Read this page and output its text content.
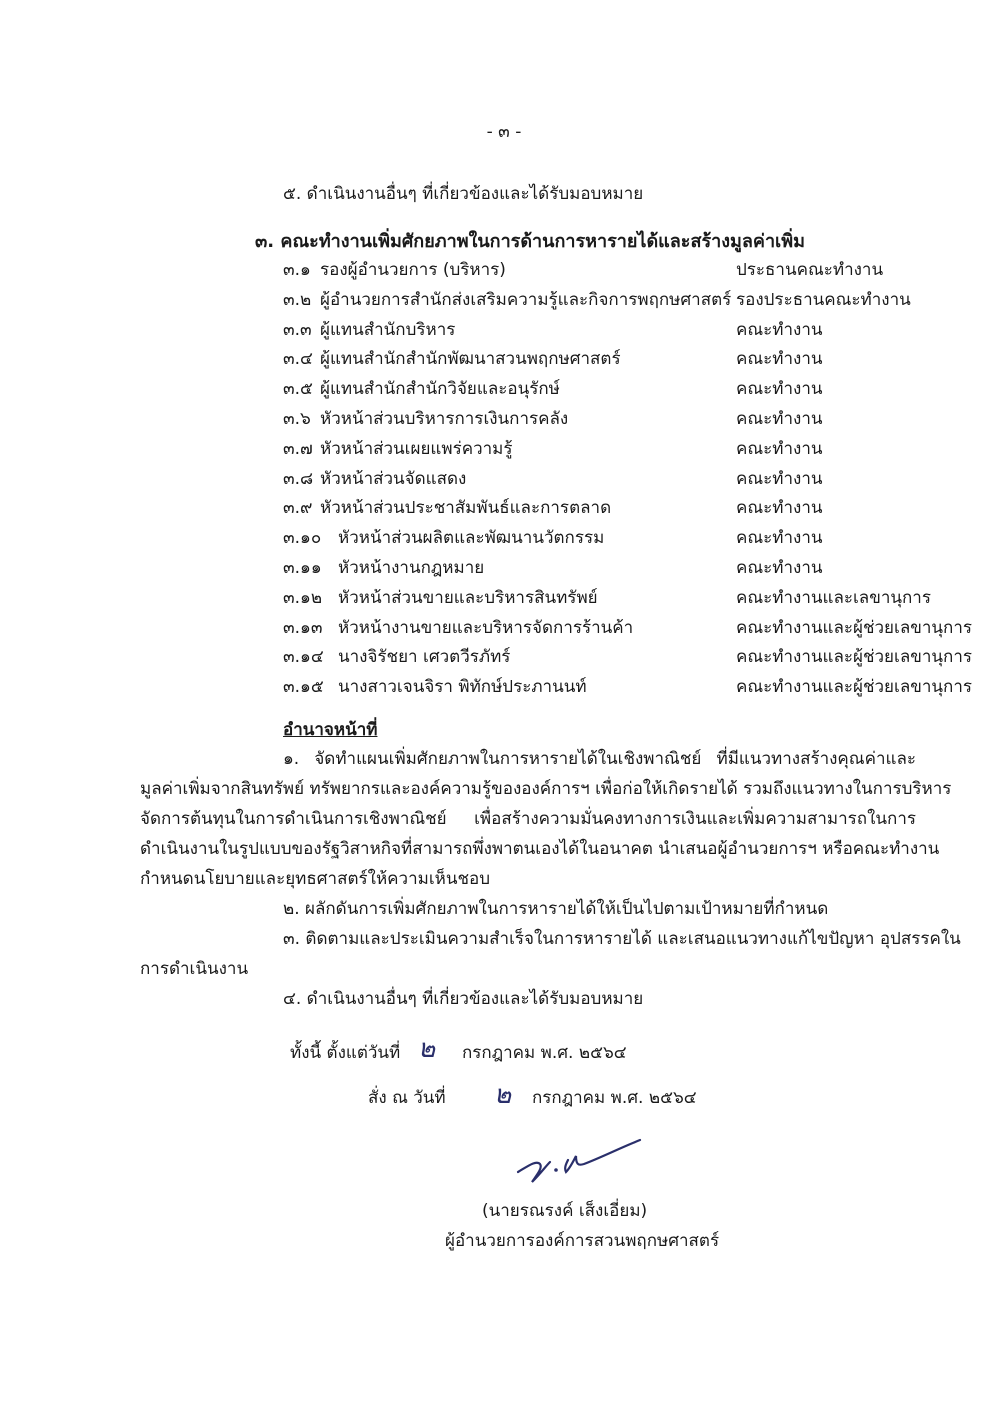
- ๓ -
๕. ดำเนินงานอื่นๆ ที่เกี่ยวข้องและได้รับมอบหมาย
๓. คณะทำงานเพิ่มศักยภาพในการด้านการหารายได้และสร้างมูลค่าเพิ่ม
๓.๑ รองผู้อำนวยการ (บริหาร)	ประธานคณะทำงาน
๓.๒ ผู้อำนวยการสำนักส่งเสริมความรู้และกิจการพฤกษศาสตร์ รองประธานคณะทำงาน
๓.๓ ผู้แทนสำนักบริหาร	คณะทำงาน
๓.๔ ผู้แทนสำนักสำนักพัฒนาสวนพฤกษศาสตร์	คณะทำงาน
๓.๕ ผู้แทนสำนักสำนักวิจัยและอนุรักษ์	คณะทำงาน
๓.๖ หัวหน้าส่วนบริหารการเงินการคลัง	คณะทำงาน
๓.๗ หัวหน้าส่วนเผยแพร่ความรู้	คณะทำงาน
๓.๘ หัวหน้าส่วนจัดแสดง	คณะทำงาน
๓.๙ หัวหน้าส่วนประชาสัมพันธ์และการตลาด	คณะทำงาน
๓.๑๐ หัวหน้าส่วนผลิตและพัฒนานวัตกรรม	คณะทำงาน
๓.๑๑ หัวหน้างานกฎหมาย	คณะทำงาน
๓.๑๒ หัวหน้าส่วนขายและบริหารสินทรัพย์	คณะทำงานและเลขานุการ
๓.๑๓ หัวหน้างานขายและบริหารจัดการร้านค้า	คณะทำงานและผู้ช่วยเลขานุการ
๓.๑๔ นางจิรัชยา เศวตวีรภัทร์	คณะทำงานและผู้ช่วยเลขานุการ
๓.๑๕ นางสาวเจนจิรา พิทักษ์ประภานนท์	คณะทำงานและผู้ช่วยเลขานุการ
อำนาจหน้าที่
๑. จัดทำแผนเพิ่มศักยภาพในการหารายได้ในเชิงพาณิชย์ ที่มีแนวทางสร้างคุณค่าและ
มูลค่าเพิ่มจากสินทรัพย์ ทรัพยากรและองค์ความรู้ขององค์การฯ เพื่อก่อให้เกิดรายได้ รวมถึงแนวทางในการบริหาร
จัดการต้นทุนในการดำเนินการเชิงพาณิชย์ เพื่อสร้างความมั่นคงทางการเงินและเพิ่มความสามารถในการ
ดำเนินงานในรูปแบบของรัฐวิสาหกิจที่สามารถพึ่งพาตนเองได้ในอนาคต นำเสนอผู้อำนวยการฯ หรือคณะทำงาน
กำหนดนโยบายและยุทธศาสตร์ให้ความเห็นชอบ
๒. ผลักดันการเพิ่มศักยภาพในการหารายได้ให้เป็นไปตามเป้าหมายที่กำหนด
๓. ติดตามและประเมินความสำเร็จในการหารายได้ และเสนอแนวทางแก้ไขปัญหา อุปสรรคใน
การดำเนินงาน
๔. ดำเนินงานอื่นๆ ที่เกี่ยวข้องและได้รับมอบหมาย
ทั้งนี้ ตั้งแต่วันที่ ๒ กรกฎาคม พ.ศ. ๒๕๖๔
สั่ง ณ วันที่ ๒ กรกฎาคม พ.ศ. ๒๕๖๔
(นายรณรงค์ เส็งเอี่ยม)
ผู้อำนวยการองค์การสวนพฤกษศาสตร์
